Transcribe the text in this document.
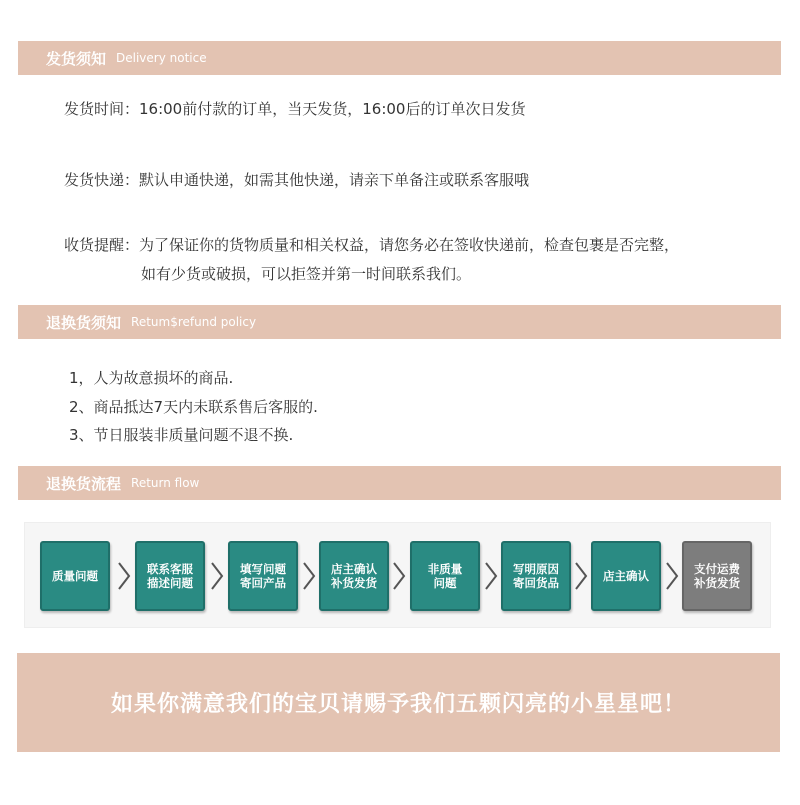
发货须知 Delivery notice
发货时间：16:00前付款的订单，当天发货，16:00后的订单次日发货
发货快递：默认申通快递，如需其他快递，请亲下单备注或联系客服哦
收货提醒：为了保证你的货物质量和相关权益，请您务必在签收快递前，检查包裹是否完整，
如有少货或破损，可以拒签并第一时间联系我们。
退换货须知 Retum$refund policy
1，人为故意损坏的商品.
2、商品抵达7天内未联系售后客服的.
3、节日服装非质量问题不退不换.
退换货流程 Return flow
质量问题	联系客服
描述问题
填写问题
寄回产品
店主确认
补货发货
非质量
问题
写明原因
寄回货品	店主确认	支付运费
补货发货
如果你满意我们的宝贝请赐予我们五颗闪亮的小星星吧！
